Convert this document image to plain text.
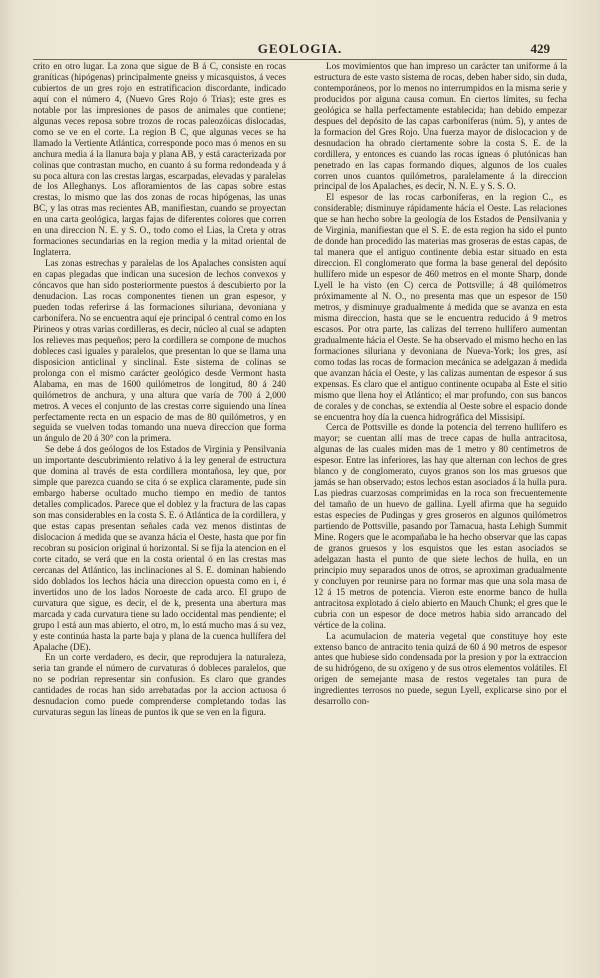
GEOLOGIA.	429

crito en otro lugar. La zona que sigue de B á C, consiste en rocas graníticas (hipógenas) principalmente gneiss y micasquistos, á veces cubiertos de un gres rojo en estratificacion discordante, indicado aquí con el número 4, (Nuevo Gres Rojo ó Trias); este gres es notable por las impresiones de pasos de animales que contiene; algunas veces reposa sobre trozos de rocas paleozóicas dislocadas, como se ve en el corte. La region B C, que algunas veces se ha llamado la Vertiente Atlántica, corresponde poco mas ó menos en su anchura media á la llanura baja y plana AB, y está caracterizada por colinas que contrastan mucho, en cuanto á su forma redondeada y á su poca altura con las crestas largas, escarpadas, elevadas y paralelas de los Alleghanys. Los afloramientos de las capas sobre estas crestas, lo mismo que las dos zonas de rocas hipógenas, las unas BC, y las otras mas recientes AB, manifiestan, cuando se proyectan en una carta geológica, largas fajas de diferentes colores que corren en una direccion N. E. y S. O., todo como el Lias, la Creta y otras formaciones secundarias en la region media y la mitad oriental de Inglaterra.

Las zonas estrechas y paralelas de los Apalaches consisten aquí en capas plegadas que indican una sucesion de lechos convexos y cóncavos que han sido posteriormente puestos á descubierto por la denudacion. Las rocas componentes tienen un gran espesor, y pueden todas referirse á las formaciones siluriana, devoniana y carbonífera. No se encuentra aquí eje principal ó central como en los Pirineos y otras varias cordilleras, es decir, núcleo al cual se adapten los relieves mas pequeños; pero la cordillera se compone de muchos dobleces casi iguales y paralelos, que presentan lo que se llama una disposicion anticlinal y sinclinal. Este sistema de colinas se prolonga con el mismo carácter geológico desde Vermont hasta Alabama, en mas de 1600 quilómetros de longitud, 80 á 240 quilómetros de anchura, y una altura que varía de 700 á 2,000 metros. A veces el conjunto de las crestas corre siguiendo una línea perfectamente recta en un espacio de mas de 80 quilómetros, y en seguida se vuelven todas tomando una nueva direccion que forma un ángulo de 20 á 30° con la primera.

Se debe á dos geólogos de los Estados de Virginia y Pensilvania un importante descubrimiento relativo á la ley general de estructura que domina al través de esta cordillera montañosa, ley que, por simple que parezca cuando se cita ó se explica claramente, pude sin embargo haberse ocultado mucho tiempo en medio de tantos detalles complicados. Parece que el doblez y la fractura de las capas son mas considerables en la costa S. E. ó Atlántica de la cordillera, y que estas capas presentan señales cada vez menos distintas de dislocacion á medida que se avanza hácia el Oeste, hasta que por fin recobran su posicion original ú horizontal. Si se fija la atencion en el corte citado, se verá que en la costa oriental ó en las crestas mas cercanas del Atlántico, las inclinaciones al S. E. dominan habiendo sido doblados los lechos hácia una direccion opuesta como en i, é invertidos uno de los lados Noroeste de cada arco. El grupo de curvatura que sigue, es decir, el de k, presenta una abertura mas marcada y cada curvatura tiene su lado occidental mas pendiente; el grupo l está aun mas abierto, el otro, m, lo está mucho mas á su vez, y este continúa hasta la parte baja y plana de la cuenca hullífera del Apalache (DE).

En un corte verdadero, es decir, que reprodujera la naturaleza, seria tan grande el número de curvaturas ó dobleces paralelos, que no se podrian representar sin confusion. Es claro que grandes cantidades de rocas han sido arrebatadas por la accion actuosa ó desnudacion como puede comprenderse completando todas las curvaturas segun las líneas de puntos ik que se ven en la figura.

Los movimientos que han impreso un carácter tan uniforme á la estructura de este vasto sistema de rocas, deben haber sido, sin duda, contemporáneos, por lo menos no interrumpidos en la misma serie y producidos por alguna causa comun. En ciertos límites, su fecha geológica se halla perfectamente establecida; han debido empezar despues del depósito de las capas carboníferas (núm. 5), y antes de la formacion del Gres Rojo. Una fuerza mayor de dislocacion y de desnudacion ha obrado ciertamente sobre la costa S. E. de la cordillera, y entonces es cuando las rocas ígneas ó plutónicas han penetrado en las capas formando diques, algunos de los cuales corren unos cuantos quilómetros, paralelamente á la direccion principal de los Apalaches, es decir, N. N. E. y S. S. O.

El espesor de las rocas carboníferas, en la region C., es considerable; disminuye rápidamente hácia el Oeste. Las relaciones que se han hecho sobre la geología de los Estados de Pensilvania y de Virginia, manifiestan que el S. E. de esta region ha sido el punto de donde han procedido las materias mas groseras de estas capas, de tal manera que el antiguo continente debia estar situado en esta direccion. El conglomerato que forma la base general del depósito hullífero mide un espesor de 460 metros en el monte Sharp, donde Lyell le ha visto (en C) cerca de Pottsville; á 48 quilómetros próximamente al N. O., no presenta mas que un espesor de 150 metros, y disminuye gradualmente á medida que se avanza en esta misma direccion, hasta que se le encuentra reducido á 9 metros escasos. Por otra parte, las calizas del terreno hullífero aumentan gradualmente hácia el Oeste. Se ha observado el mismo hecho en las formaciones siluriana y devoniana de Nueva-York; los gres, así como todas las rocas de formacion mecánica se adelgazan á medida que avanzan hácia el Oeste, y las calizas aumentan de espesor á sus expensas. Es claro que el antiguo continente ocupaba al Este el sitio mismo que llena hoy el Atlántico; el mar profundo, con sus bancos de corales y de conchas, se extendia al Oeste sobre el espacio donde se encuentra hoy día la cuenca hidrográfica del Missisipí.

Cerca de Pottsville es donde la potencia del terreno hullífero es mayor; se cuentan allí mas de trece capas de hulla antracitosa, algunas de las cuales miden mas de 1 metro y 80 centímetros de espesor. Entre las inferiores, las hay que alternan con lechos de gres blanco y de conglomerato, cuyos granos son los mas gruesos que jamás se han observado; estos lechos estan asociados á la hulla pura. Las piedras cuarzosas comprimidas en la roca son frecuentemente del tamaño de un huevo de gallina. Lyell afirma que ha seguido estas especies de Pudingas y gres groseros en algunos quilómetros partiendo de Pottsville, pasando por Tamacua, hasta Lehigh Summit Mine. Rogers que le acompañaba le ha hecho observar que las capas de granos gruesos y los esquistos que les estan asociados se adelgazan hasta el punto de que siete lechos de hulla, en un principio muy separados unos de otros, se aproximan gradualmente y concluyen por reunirse para no formar mas que una sola masa de 12 á 15 metros de potencia. Vieron este enorme banco de hulla antracitosa explotado á cielo abierto en Mauch Chunk; el gres que le cubria con un espesor de doce metros habia sido arrancado del vértice de la colina.

La acumulacion de materia vegetal que constituye hoy este extenso banco de antracito tenia quizá de 60 á 90 metros de espesor antes que hubiese sido condensada por la presion y por la extraccion de su hidrógeno, de su oxígeno y de sus otros elementos volátiles. El origen de semejante masa de restos vegetales tan pura de ingredientes terrosos no puede, segun Lyell, explicarse sino por el desarrollo con-
